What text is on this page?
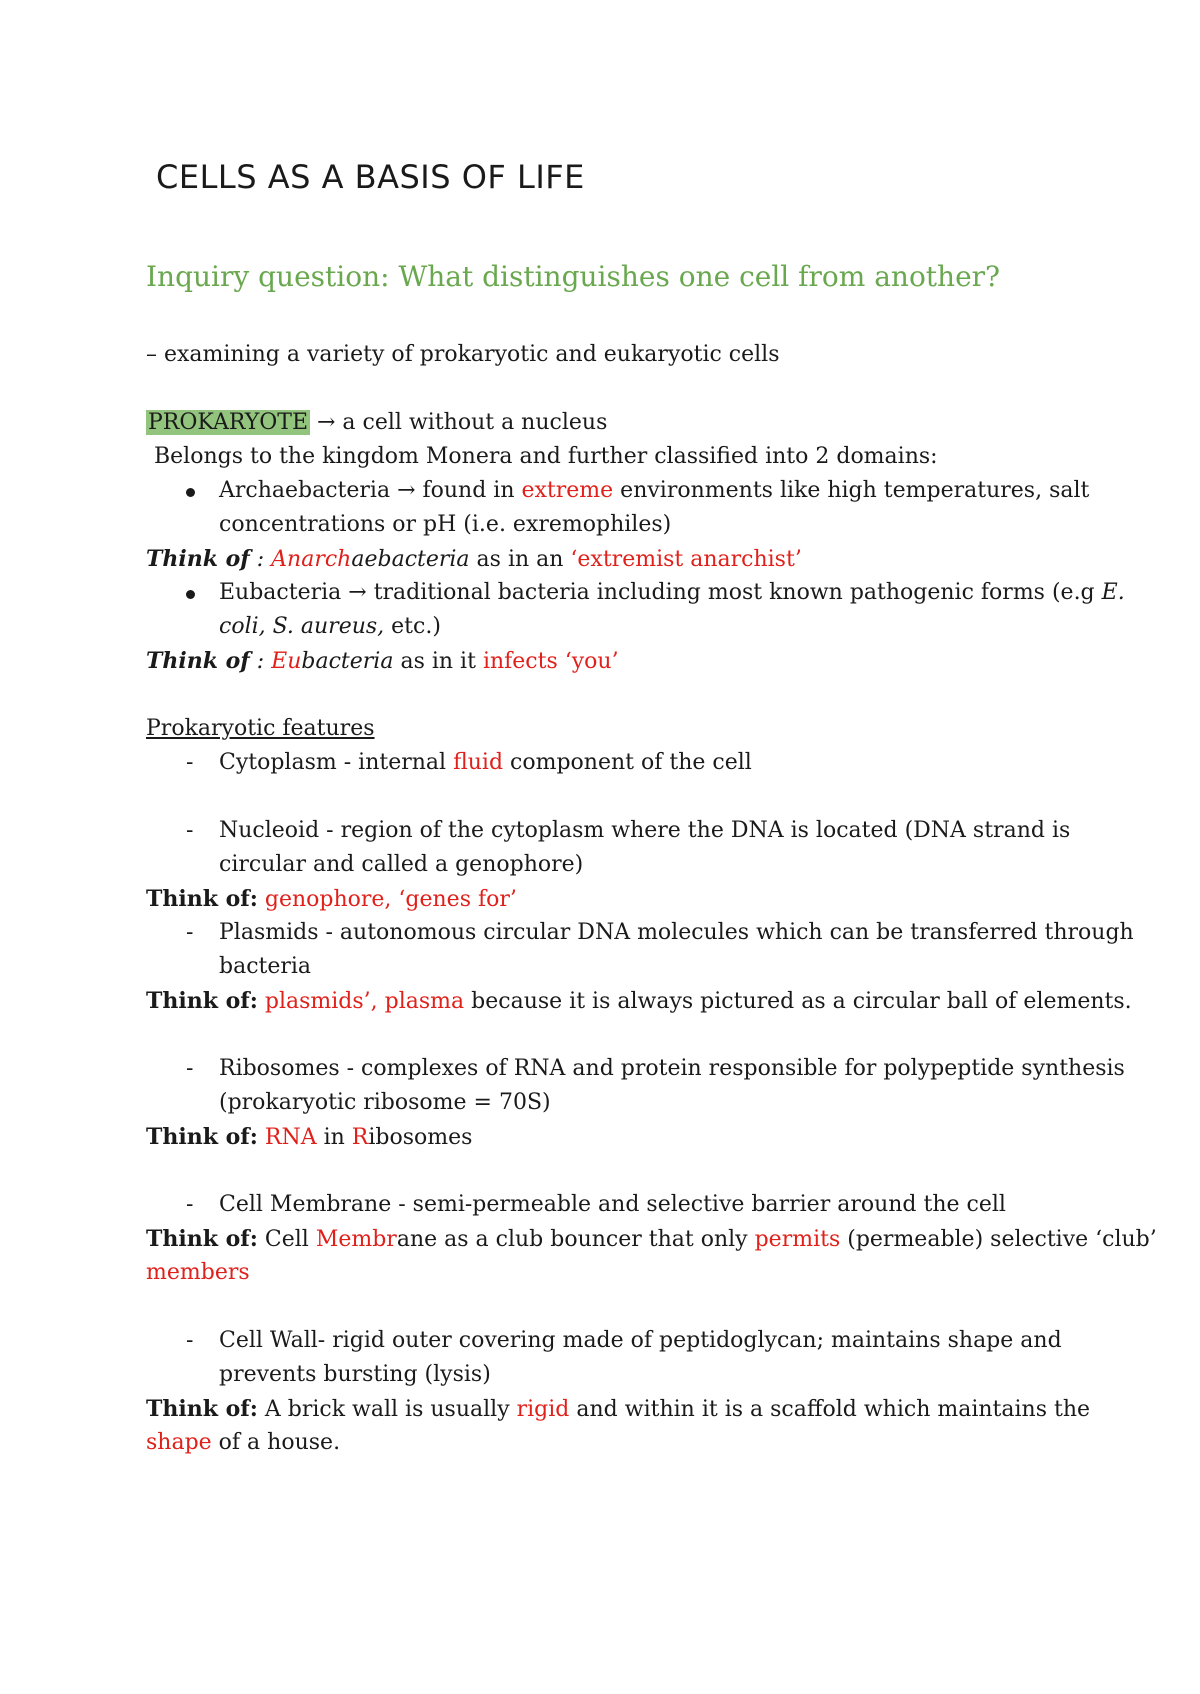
CELLS AS A BASIS OF LIFE
Inquiry question: What distinguishes one cell from another?
– examining a variety of prokaryotic and eukaryotic cells
PROKARYOTE → a cell without a nucleus
Belongs to the kingdom Monera and further classified into 2 domains:
Archaebacteria → found in extreme environments like high temperatures, salt
concentrations or pH (i.e. exremophiles)
Think of : Anarchaebacteria as in an ‘extremist anarchist’
Eubacteria → traditional bacteria including most known pathogenic forms (e.g E.
coli, S. aureus, etc.)
Think of : Eubacteria as in it infects ‘you’
Prokaryotic features
- Cytoplasm - internal fluid component of the cell
- Nucleoid - region of the cytoplasm where the DNA is located (DNA strand is
circular and called a genophore)
Think of: genophore, ‘genes for’
- Plasmids - autonomous circular DNA molecules which can be transferred through
bacteria
Think of: plasmids’, plasma because it is always pictured as a circular ball of elements.
- Ribosomes - complexes of RNA and protein responsible for polypeptide synthesis
(prokaryotic ribosome = 70S)
Think of: RNA in Ribosomes
- Cell Membrane - semi-permeable and selective barrier around the cell
Think of: Cell Membrane as a club bouncer that only permits (permeable) selective ‘club’
members
- Cell Wall- rigid outer covering made of peptidoglycan; maintains shape and
prevents bursting (lysis)
Think of: A brick wall is usually rigid and within it is a scaffold which maintains the
shape of a house.
